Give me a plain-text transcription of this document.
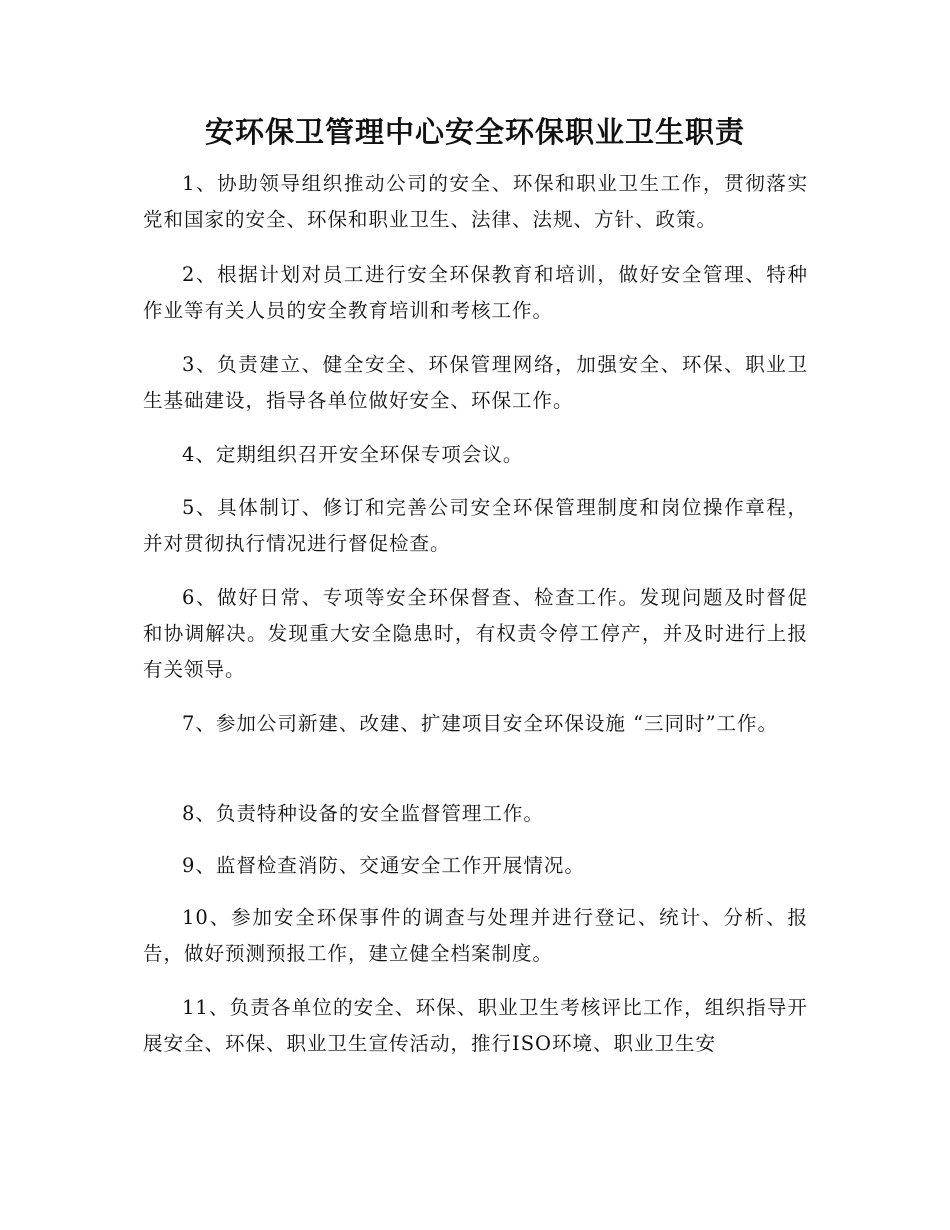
安环保卫管理中心安全环保职业卫生职责

1、协助领导组织推动公司的安全、环保和职业卫生工作，贯彻落实党和国家的安全、环保和职业卫生、法律、法规、方针、政策。

2、根据计划对员工进行安全环保教育和培训，做好安全管理、特种作业等有关人员的安全教育培训和考核工作。

3、负责建立、健全安全、环保管理网络，加强安全、环保、职业卫生基础建设，指导各单位做好安全、环保工作。

4、定期组织召开安全环保专项会议。

5、具体制订、修订和完善公司安全环保管理制度和岗位操作章程，并对贯彻执行情况进行督促检查。

6、做好日常、专项等安全环保督查、检查工作。发现问题及时督促和协调解决。发现重大安全隐患时，有权责令停工停产，并及时进行上报有关领导。

7、参加公司新建、改建、扩建项目安全环保设施 “三同时”工作。

8、负责特种设备的安全监督管理工作。

9、监督检查消防、交通安全工作开展情况。

10、参加安全环保事件的调查与处理并进行登记、统计、分析、报告，做好预测预报工作，建立健全档案制度。

11、负责各单位的安全、环保、职业卫生考核评比工作，组织指导开展安全、环保、职业卫生宣传活动，推行ISO环境、职业卫生安
